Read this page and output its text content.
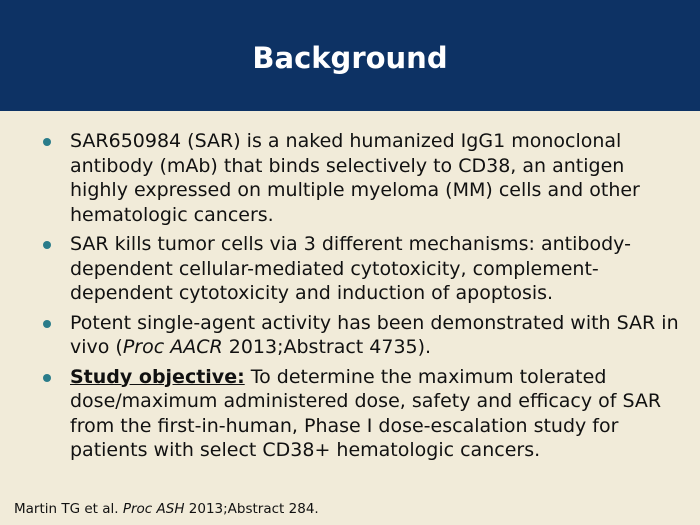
Background
SAR650984 (SAR) is a naked humanized IgG1 monoclonal antibody (mAb) that binds selectively to CD38, an antigen highly expressed on multiple myeloma (MM) cells and other hematologic cancers.
SAR kills tumor cells via 3 different mechanisms: antibody-dependent cellular-mediated cytotoxicity, complement-dependent cytotoxicity and induction of apoptosis.
Potent single-agent activity has been demonstrated with SAR in vivo (Proc AACR 2013;Abstract 4735).
Study objective: To determine the maximum tolerated dose/maximum administered dose, safety and efficacy of SAR from the first-in-human, Phase I dose-escalation study for patients with select CD38+ hematologic cancers.
Martin TG et al. Proc ASH 2013;Abstract 284.
